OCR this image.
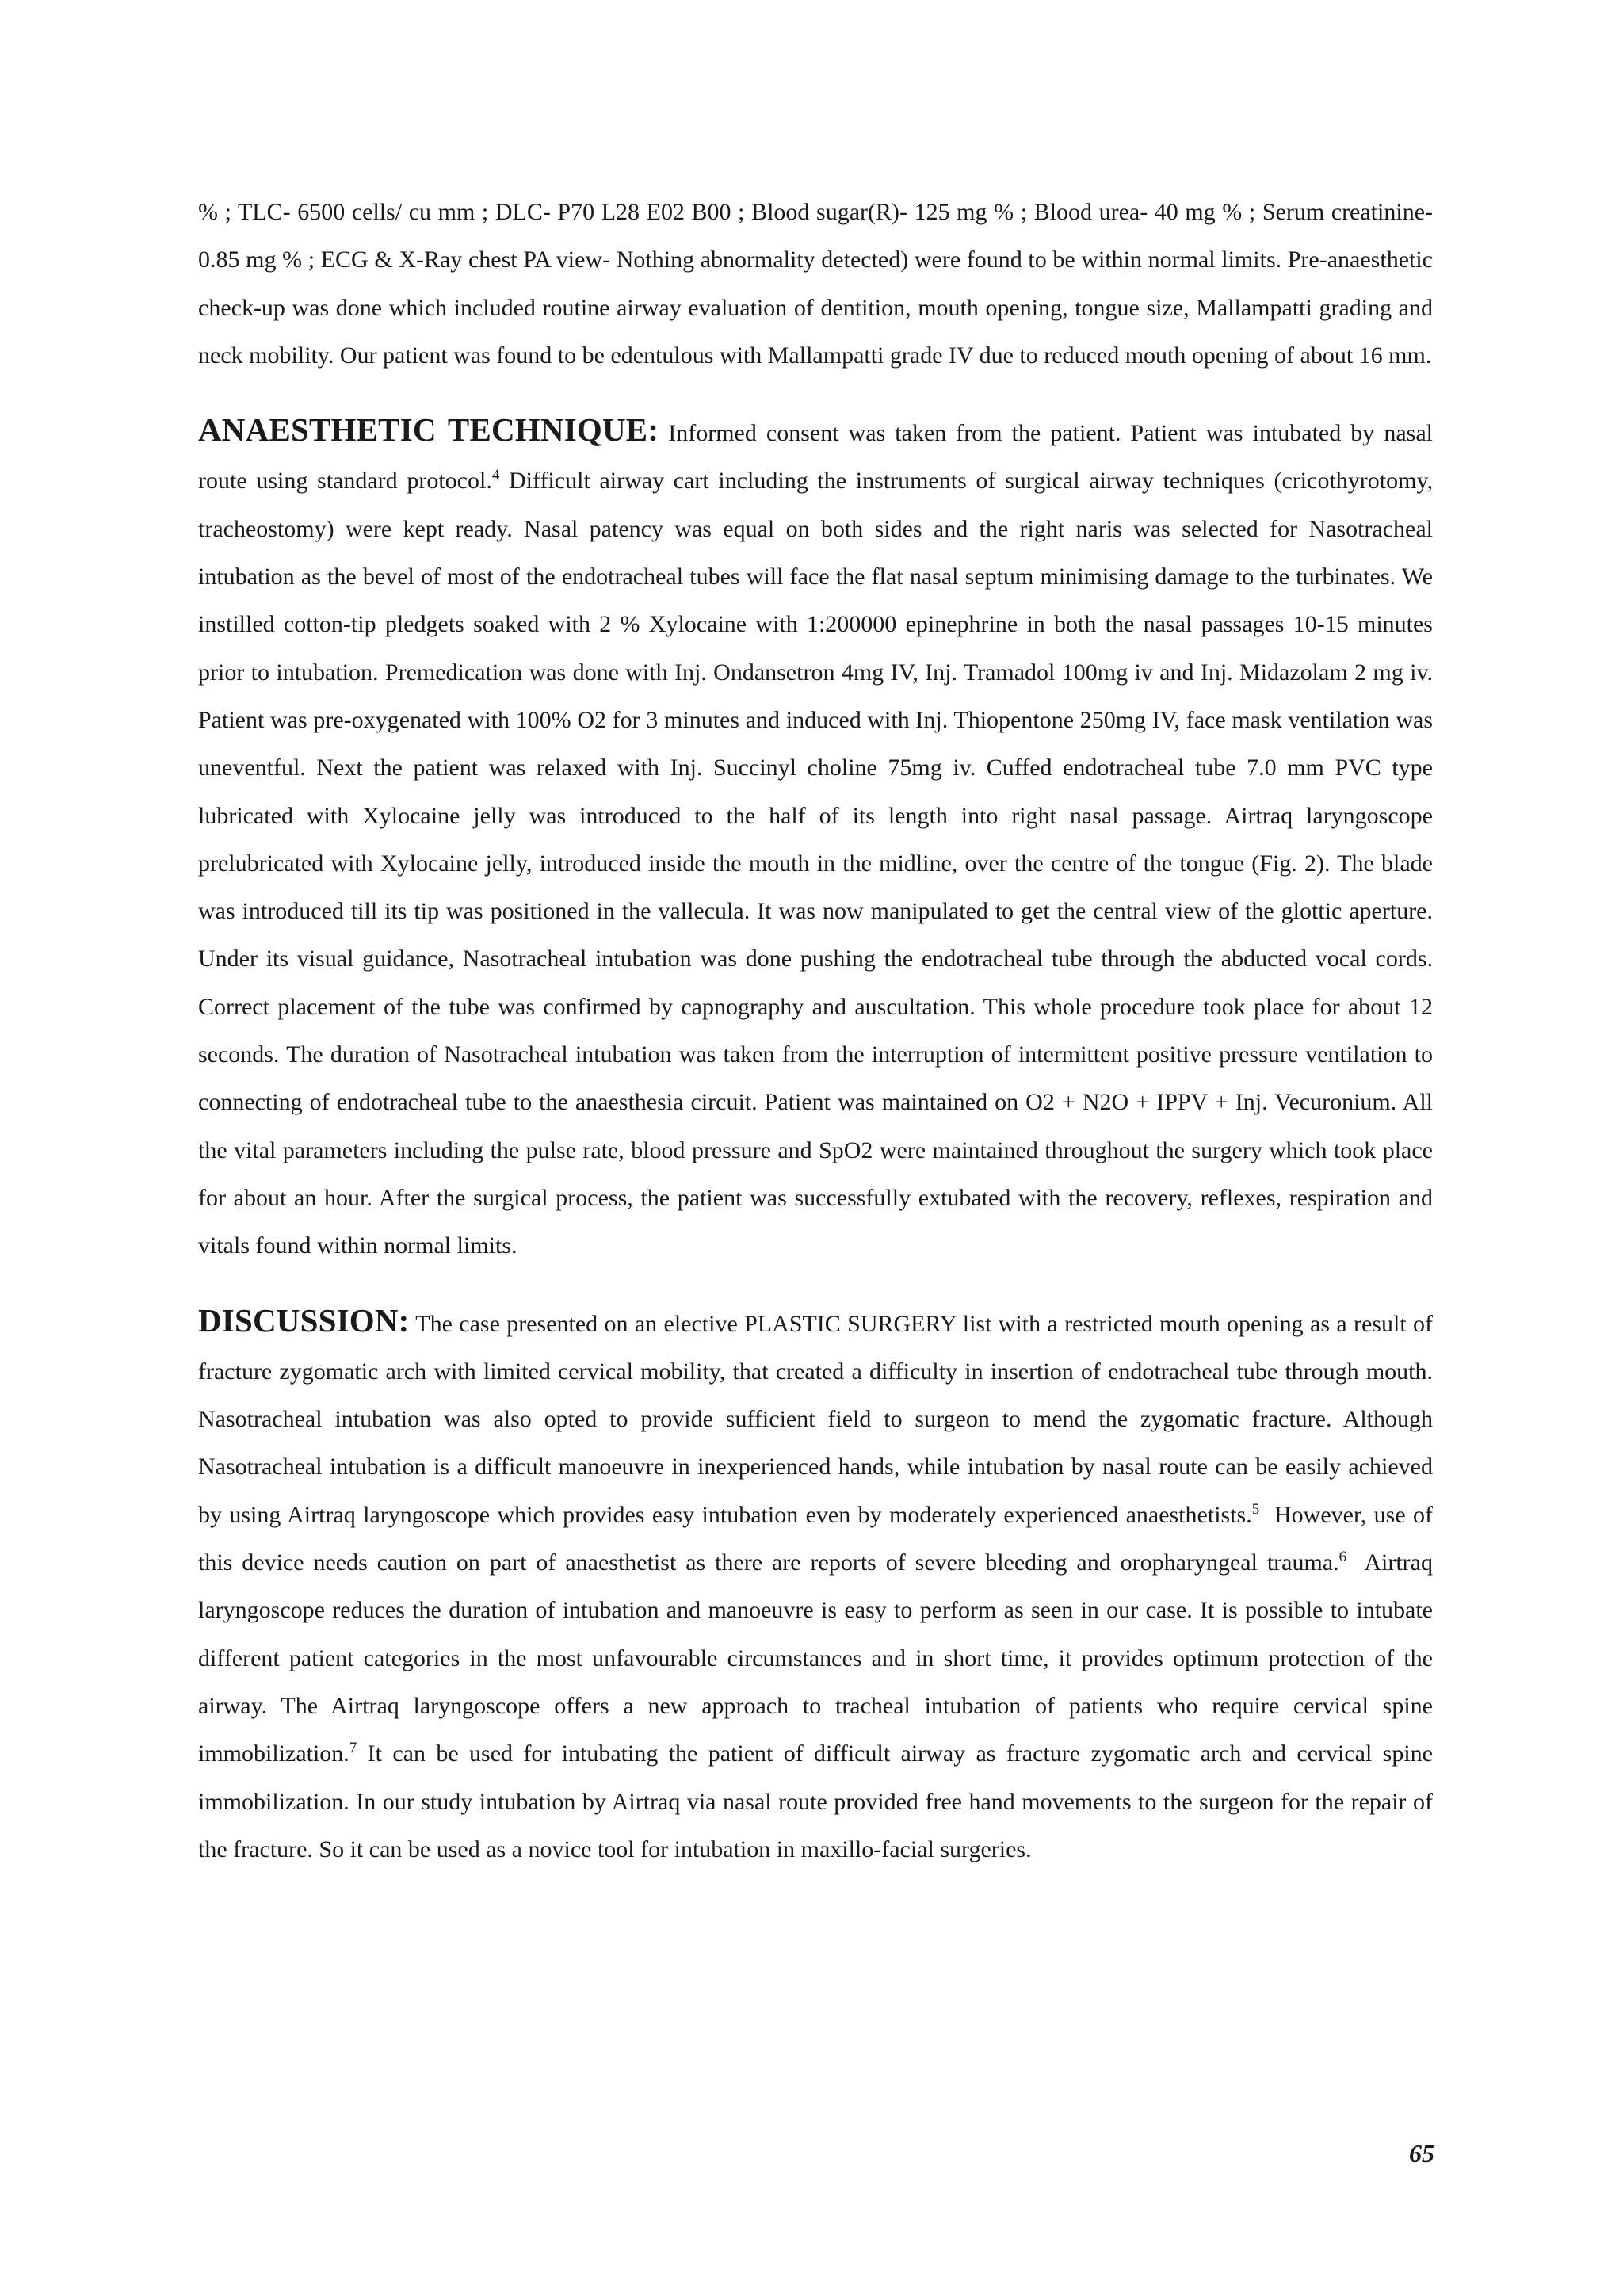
% ; TLC- 6500 cells/ cu mm ; DLC- P70 L28 E02 B00 ; Blood sugar(R)- 125 mg % ; Blood urea- 40 mg % ; Serum creatinine- 0.85 mg % ; ECG & X-Ray chest PA view- Nothing abnormality detected) were found to be within normal limits. Pre-anaesthetic check-up was done which included routine airway evaluation of dentition, mouth opening, tongue size, Mallampatti grading and neck mobility. Our patient was found to be edentulous with Mallampatti grade IV due to reduced mouth opening of about 16 mm.

ANAESTHETIC TECHNIQUE: Informed consent was taken from the patient. Patient was intubated by nasal route using standard protocol.$^4$ Difficult airway cart including the instruments of surgical airway techniques (cricothyrotomy, tracheostomy) were kept ready. Nasal patency was equal on both sides and the right naris was selected for Nasotracheal intubation as the bevel of most of the endotracheal tubes will face the flat nasal septum minimising damage to the turbinates. We instilled cotton-tip pledgets soaked with 2 % Xylocaine with 1:200000 epinephrine in both the nasal passages 10-15 minutes prior to intubation. Premedication was done with Inj. Ondansetron 4mg IV, Inj. Tramadol 100mg iv and Inj. Midazolam 2 mg iv. Patient was pre-oxygenated with 100% O2 for 3 minutes and induced with Inj. Thiopentone 250mg IV, face mask ventilation was uneventful. Next the patient was relaxed with Inj. Succinyl choline 75mg iv. Cuffed endotracheal tube 7.0 mm PVC type lubricated with Xylocaine jelly was introduced to the half of its length into right nasal passage. Airtraq laryngoscope prelubricated with Xylocaine jelly, introduced inside the mouth in the midline, over the centre of the tongue (Fig. 2). The blade was introduced till its tip was positioned in the vallecula. It was now manipulated to get the central view of the glottic aperture. Under its visual guidance, Nasotracheal intubation was done pushing the endotracheal tube through the abducted vocal cords. Correct placement of the tube was confirmed by capnography and auscultation. This whole procedure took place for about 12 seconds. The duration of Nasotracheal intubation was taken from the interruption of intermittent positive pressure ventilation to connecting of endotracheal tube to the anaesthesia circuit. Patient was maintained on O2 + N2O + IPPV + Inj. Vecuronium. All the vital parameters including the pulse rate, blood pressure and SpO2 were maintained throughout the surgery which took place for about an hour. After the surgical process, the patient was successfully extubated with the recovery, reflexes, respiration and vitals found within normal limits.

DISCUSSION: The case presented on an elective PLASTIC SURGERY list with a restricted mouth opening as a result of fracture zygomatic arch with limited cervical mobility, that created a difficulty in insertion of endotracheal tube through mouth. Nasotracheal intubation was also opted to provide sufficient field to surgeon to mend the zygomatic fracture. Although Nasotracheal intubation is a difficult manoeuvre in inexperienced hands, while intubation by nasal route can be easily achieved by using Airtraq laryngoscope which provides easy intubation even by moderately experienced anaesthetists.$^5$ However, use of this device needs caution on part of anaesthetist as there are reports of severe bleeding and oropharyngeal trauma.$^6$ Airtraq laryngoscope reduces the duration of intubation and manoeuvre is easy to perform as seen in our case. It is possible to intubate different patient categories in the most unfavourable circumstances and in short time, it provides optimum protection of the airway. The Airtraq laryngoscope offers a new approach to tracheal intubation of patients who require cervical spine immobilization.$^7$ It can be used for intubating the patient of difficult airway as fracture zygomatic arch and cervical spine immobilization. In our study intubation by Airtraq via nasal route provided free hand movements to the surgeon for the repair of the fracture. So it can be used as a novice tool for intubation in maxillo-facial surgeries.

65
